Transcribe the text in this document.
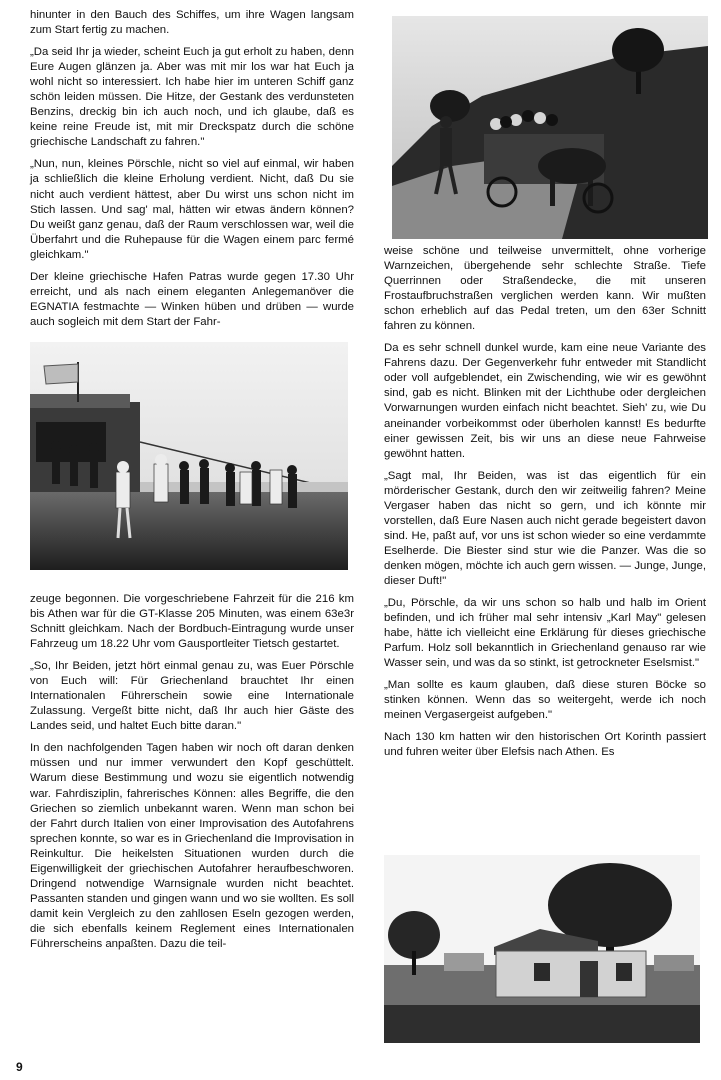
hinunter in den Bauch des Schiffes, um ihre Wagen langsam zum Start fertig zu machen.

„Da seid Ihr ja wieder, scheint Euch ja gut erholt zu haben, denn Eure Augen glänzen ja. Aber was mit mir los war hat Euch ja wohl nicht so interessiert. Ich habe hier im unteren Schiff ganz schön leiden müssen. Die Hitze, der Gestank des verdunsteten Benzins, dreckig bin ich auch noch, und ich glaube, daß es keine reine Freude ist, mit mir Dreckspatz durch die schöne griechische Landschaft zu fahren."

„Nun, nun, kleines Pörschle, nicht so viel auf einmal, wir haben ja schließlich die kleine Erholung verdient. Nicht, daß Du sie nicht auch verdient hättest, aber Du wirst uns schon nicht im Stich lassen. Und sag' mal, hätten wir etwas ändern können? Du weißt ganz genau, daß der Raum verschlossen war, weil die Überfahrt und die Ruhepause für die Wagen einem parc fermé gleichkam."

Der kleine griechische Hafen Patras wurde gegen 17.30 Uhr erreicht, und als nach einem eleganten Anlegemanöver die EGNATIA festmachte — Winken hüben und drüben — wurde auch sogleich mit dem Start der Fahr-

zeuge begonnen. Die vorgeschriebene Fahrzeit für die 216 km bis Athen war für die GT-Klasse 205 Minuten, was einem 63e3r Schnitt gleichkam. Nach der Bordbuch-Eintragung wurde unser Fahrzeug um 18.22 Uhr vom Gausportleiter Tietsch gestartet.

„So, Ihr Beiden, jetzt hört einmal genau zu, was Euer Pörschle von Euch will: Für Griechenland brauchtet Ihr einen Internationalen Führerschein sowie eine Internationale Zulassung. Vergeßt bitte nicht, daß Ihr auch hier Gäste des Landes seid, und haltet Euch bitte daran."

In den nachfolgenden Tagen haben wir noch oft daran denken müssen und nur immer verwundert den Kopf geschüttelt. Warum diese Bestimmung und wozu sie eigentlich notwendig war. Fahrdisziplin, fahrerisches Können: alles Begriffe, die den Griechen so ziemlich unbekannt waren. Wenn man schon bei der Fahrt durch Italien von einer Improvisation des Autofahrens sprechen konnte, so war es in Griechenland die Improvisation in Reinkultur. Die heikelsten Situationen wurden durch die Eigenwilligkeit der griechischen Autofahrer heraufbeschworen. Dringend notwendige Warnsignale wurden nicht beachtet. Passanten standen und gingen wann und wo sie wollten. Es soll damit kein Vergleich zu den zahllosen Eseln gezogen werden, die sich ebenfalls keinem Reglement eines Internationalen Führerscheins anpaßten. Dazu die teil-

weise schöne und teilweise unvermittelt, ohne vorherige Warnzeichen, übergehende sehr schlechte Straße. Tiefe Querrinnen oder Straßendecke, die mit unseren Frostaufbruchstraßen verglichen werden kann. Wir mußten schon erheblich auf das Pedal treten, um den 63er Schnitt fahren zu können.

Da es sehr schnell dunkel wurde, kam eine neue Variante des Fahrens dazu. Der Gegenverkehr fuhr entweder mit Standlicht oder voll aufgeblendet, ein Zwischending, wie wir es gewöhnt sind, gab es nicht. Blinken mit der Lichthube oder dergleichen Vorwarnungen wurden einfach nicht beachtet. Sieh' zu, wie Du aneinander vorbeikommst oder überholen kannst! Es bedurfte einer gewissen Zeit, bis wir uns an diese neue Fahrweise gewöhnt hatten.

„Sagt mal, Ihr Beiden, was ist das eigentlich für ein mörderischer Gestank, durch den wir zeitweilig fahren? Meine Vergaser haben das nicht so gern, und ich könnte mir vorstellen, daß Eure Nasen auch nicht gerade begeistert davon sind. He, paßt auf, vor uns ist schon wieder so eine verdammte Eselherde. Die Biester sind stur wie die Panzer. Was die so denken mögen, möchte ich auch gern wissen. — Junge, Junge, dieser Duft!"

„Du, Pörschle, da wir uns schon so halb und halb im Orient befinden, und ich früher mal sehr intensiv „Karl May" gelesen habe, hätte ich vielleicht eine Erklärung für dieses griechische Parfum. Holz soll bekanntlich in Griechenland genauso rar wie Wasser sein, und was da so stinkt, ist getrockneter Eselsmist."

„Man sollte es kaum glauben, daß diese sturen Böcke so stinken können. Wenn das so weitergeht, werde ich noch meinen Vergasergeist aufgeben."

Nach 130 km hatten wir den historischen Ort Korinth passiert und fuhren weiter über Elefsis nach Athen. Es

9
